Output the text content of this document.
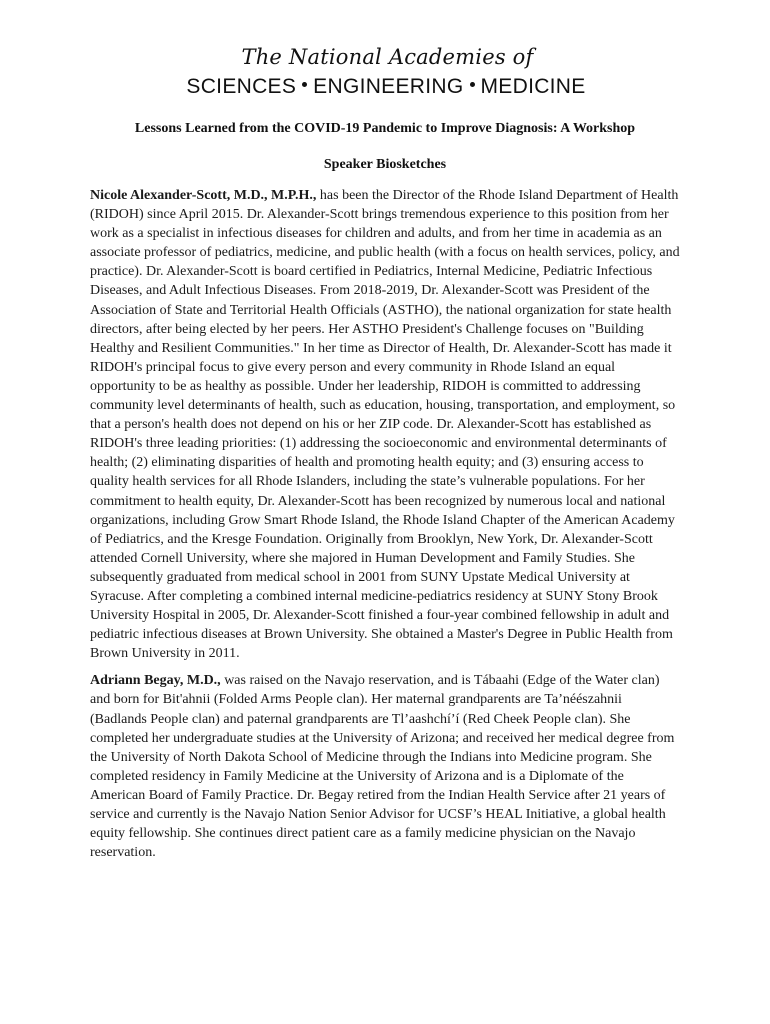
The National Academies of
SCIENCES ENGINEERING MEDICINE
Lessons Learned from the COVID-19 Pandemic to Improve Diagnosis: A Workshop
Speaker Biosketches

Nicole Alexander-Scott, M.D., M.P.H., has been the Director of the Rhode Island Department of Health (RIDOH) since April 2015. Dr. Alexander-Scott brings tremendous experience to this position from her work as a specialist in infectious diseases for children and adults, and from her time in academia as an associate professor of pediatrics, medicine, and public health (with a focus on health services, policy, and practice). Dr. Alexander-Scott is board certified in Pediatrics, Internal Medicine, Pediatric Infectious Diseases, and Adult Infectious Diseases. From 2018-2019, Dr. Alexander-Scott was President of the Association of State and Territorial Health Officials (ASTHO), the national organization for state health directors, after being elected by her peers. Her ASTHO President's Challenge focuses on "Building Healthy and Resilient Communities." In her time as Director of Health, Dr. Alexander-Scott has made it RIDOH's principal focus to give every person and every community in Rhode Island an equal opportunity to be as healthy as possible. Under her leadership, RIDOH is committed to addressing community level determinants of health, such as education, housing, transportation, and employment, so that a person's health does not depend on his or her ZIP code. Dr. Alexander-Scott has established as RIDOH's three leading priorities: (1) addressing the socioeconomic and environmental determinants of health; (2) eliminating disparities of health and promoting health equity; and (3) ensuring access to quality health services for all Rhode Islanders, including the state’s vulnerable populations. For her commitment to health equity, Dr. Alexander-Scott has been recognized by numerous local and national organizations, including Grow Smart Rhode Island, the Rhode Island Chapter of the American Academy of Pediatrics, and the Kresge Foundation. Originally from Brooklyn, New York, Dr. Alexander-Scott attended Cornell University, where she majored in Human Development and Family Studies. She subsequently graduated from medical school in 2001 from SUNY Upstate Medical University at Syracuse. After completing a combined internal medicine-pediatrics residency at SUNY Stony Brook University Hospital in 2005, Dr. Alexander-Scott finished a four-year combined fellowship in adult and pediatric infectious diseases at Brown University. She obtained a Master's Degree in Public Health from Brown University in 2011.

Adriann Begay, M.D., was raised on the Navajo reservation, and is Tábaahi (Edge of the Water clan) and born for Bit'ahnii (Folded Arms People clan). Her maternal grandparents are Ta’néészahnii (Badlands People clan) and paternal grandparents are Tl’aashchí’í (Red Cheek People clan). She completed her undergraduate studies at the University of Arizona; and received her medical degree from the University of North Dakota School of Medicine through the Indians into Medicine program. She completed residency in Family Medicine at the University of Arizona and is a Diplomate of the American Board of Family Practice. Dr. Begay retired from the Indian Health Service after 21 years of service and currently is the Navajo Nation Senior Advisor for UCSF’s HEAL Initiative, a global health equity fellowship. She continues direct patient care as a family medicine physician on the Navajo reservation.
